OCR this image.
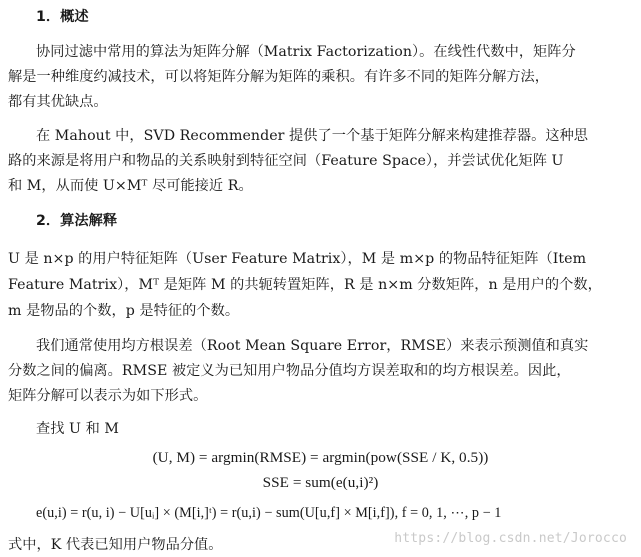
1．概述
协同过滤中常用的算法为矩阵分解（Matrix Factorization）。在线性代数中，矩阵分
解是一种维度约减技术，可以将矩阵分解为矩阵的乘积。有许多不同的矩阵分解方法，
都有其优缺点。
在 Mahout 中，SVD Recommender 提供了一个基于矩阵分解来构建推荐器。这种思
路的来源是将用户和物品的关系映射到特征空间（Feature Space），并尝试优化矩阵 U
和 M，从而使 U×Mᵀ 尽可能接近 R。
2．算法解释
U 是 n×p 的用户特征矩阵（User Feature Matrix），M 是 m×p 的物品特征矩阵（Item
Feature Matrix），Mᵀ 是矩阵 M 的共轭转置矩阵，R 是 n×m 分数矩阵，n 是用户的个数，
m 是物品的个数，p 是特征的个数。
我们通常使用均方根误差（Root Mean Square Error，RMSE）来表示预测值和真实
分数之间的偏离。RMSE 被定义为已知用户物品分值均方误差取和的均方根误差。因此，
矩阵分解可以表示为如下形式。
查找 U 和 M
(U, M) = argmin(RMSE) = argmin(pow(SSE / K, 0.5))
SSE = sum(e(u,i)²)
e(u,i) = r(u, i) − U[uᵢ] × (M[i,]ᵗ) = r(u,i) − sum(U[u,f] × M[i,f]), f = 0, 1, ⋯, p − 1
式中，K 代表已知用户物品分值。	https://blog.csdn.net/Jorocco
